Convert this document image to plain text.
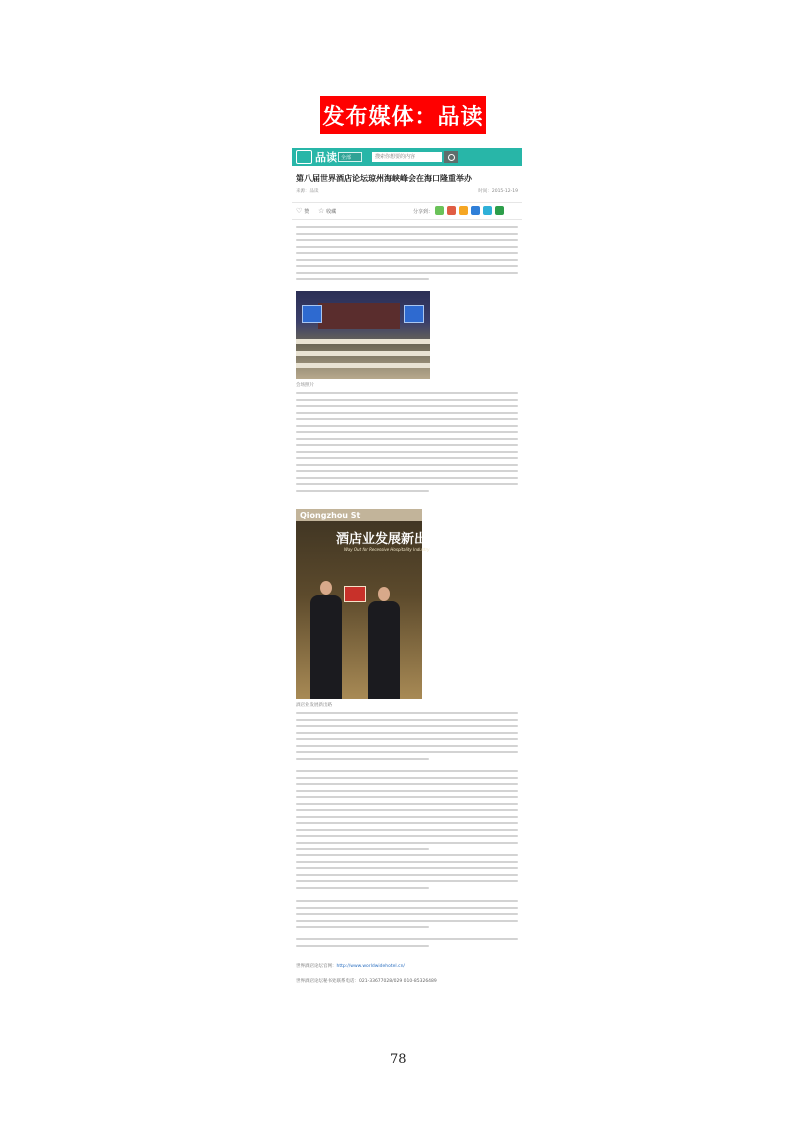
发布媒体：品读
品读 全部
搜索你想要的内容
第八届世界酒店论坛琼州海峡峰会在海口隆重举办
来源：品读	时间：2015-12-19
♡ 赞 ☆ 收藏	分享到：
会场照片
Qiongzhou St
酒店业发展新出路
Way Out for Recessive Hospitality Industry
酒店业发展新出路
世界酒店论坛官网：http://www.worldwidehotel.cn/
世界酒店论坛秘书处联系电话：021-33677028/029 010-85326489
78
